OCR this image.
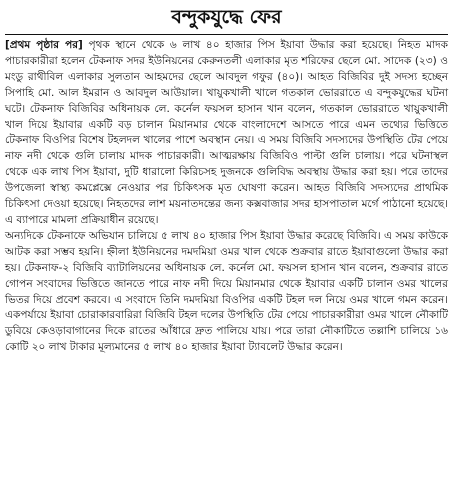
বন্দুকযুদ্ধে ফের

[প্রথম পৃষ্ঠার পর] পৃথক স্থানে থেকে ৬ লাখ ৪০ হাজার পিস ইয়াবা উদ্ধার করা হয়েছে। নিহত মাদক পাচারকারীরা হলেন টেকনাফ সদর ইউনিয়নের কেরুনতলী এলাকার মৃত শরিফের ছেলে মো. সাদেক (২৩) ও মংডু রাথীবিল এলাকার সুলতান আহমদের ছেলে আবদুল গফুর (৪০)। আহত বিজিবির দুই সদস্য হচ্ছেন সিপাহি মো. আল ইমরান ও আবদুল আউয়াল। খায়ুকখালী খালে গতকাল ভোররাতে এ বন্দুকযুদ্ধের ঘটনা ঘটে। টেকনাফ বিজিবির অধিনায়ক লে. কর্নেল ফয়সল হাসান খান বলেন, গতকাল ভোররাতে খায়ুকখালী খাল দিয়ে ইয়াবার একটি বড় চালান মিয়ানমার থেকে বাংলাদেশে আসতে পারে এমন তথ্যের ভিত্তিতে টেকনাফ বিওপির বিশেষ টহলদল খালের পাশে অবস্থান নেয়। এ সময় বিজিবি সদস্যদের উপস্থিতি টের পেয়ে নাফ নদী থেকে গুলি চালায় মাদক পাচারকারী। আত্মরক্ষায় বিজিবিও পাল্টা গুলি চালায়। পরে ঘটনাস্থল থেকে এক লাখ পিস ইয়াবা, দুটি ধারালো কিরিচসহ দুজনকে গুলিবিদ্ধ অবস্থায় উদ্ধার করা হয়। পরে তাদের উপজেলা স্বাস্থ্য কমপ্লেক্সে নেওয়ার পর চিকিৎসক মৃত ঘোষণা করেন। আহত বিজিবি সদস্যদের প্রাথমিক চিকিৎসা দেওয়া হয়েছে। নিহতদের লাশ ময়নাতদন্তের জন্য কক্সবাজার সদর হাসপাতাল মর্গে পাঠানো হয়েছে। এ ব্যাপারে মামলা প্রক্রিয়াধীন রয়েছে।

অন্যদিকে টেকনাফে অভিযান চালিয়ে ৫ লাখ ৪০ হাজার পিস ইয়াবা উদ্ধার করেছে বিজিবি। এ সময় কাউকে আটক করা সম্ভব হয়নি। হ্নীলা ইউনিয়নের দমদমিয়া ওমর খাল থেকে শুক্রবার রাতে ইয়াবাগুলো উদ্ধার করা হয়। টেকনাফ-২ বিজিবি ব্যাটালিয়নের অধিনায়ক লে. কর্নেল মো. ফয়সল হাসান খান বলেন, শুক্রবার রাতে গোপন সংবাদের ভিত্তিতে জানতে পারে নাফ নদী দিয়ে মিয়ানমার থেকে ইয়াবার একটি চালান ওমর খালের ভিতর দিয়ে প্রবেশ করবে। এ সংবাদে তিনি দমদমিয়া বিওপির একটি টহল দল নিয়ে ওমর খালে গমন করেন। একপর্যায়ে ইয়াবা চোরাকারবারিরা বিজিবি টহল দলের উপস্থিতি টের পেয়ে পাচারকারীরা ওমর খালে নৌকাটি ডুবিয়ে কেওড়াবাগানের দিকে রাতের আঁধারে দ্রুত পালিয়ে যায়। পরে তারা নৌকাটিতে তল্লাশি চালিয়ে ১৬ কোটি ২০ লাখ টাকার মূল্যমানের ৫ লাখ ৪০ হাজার ইয়াবা ট্যাবলেট উদ্ধার করেন।
